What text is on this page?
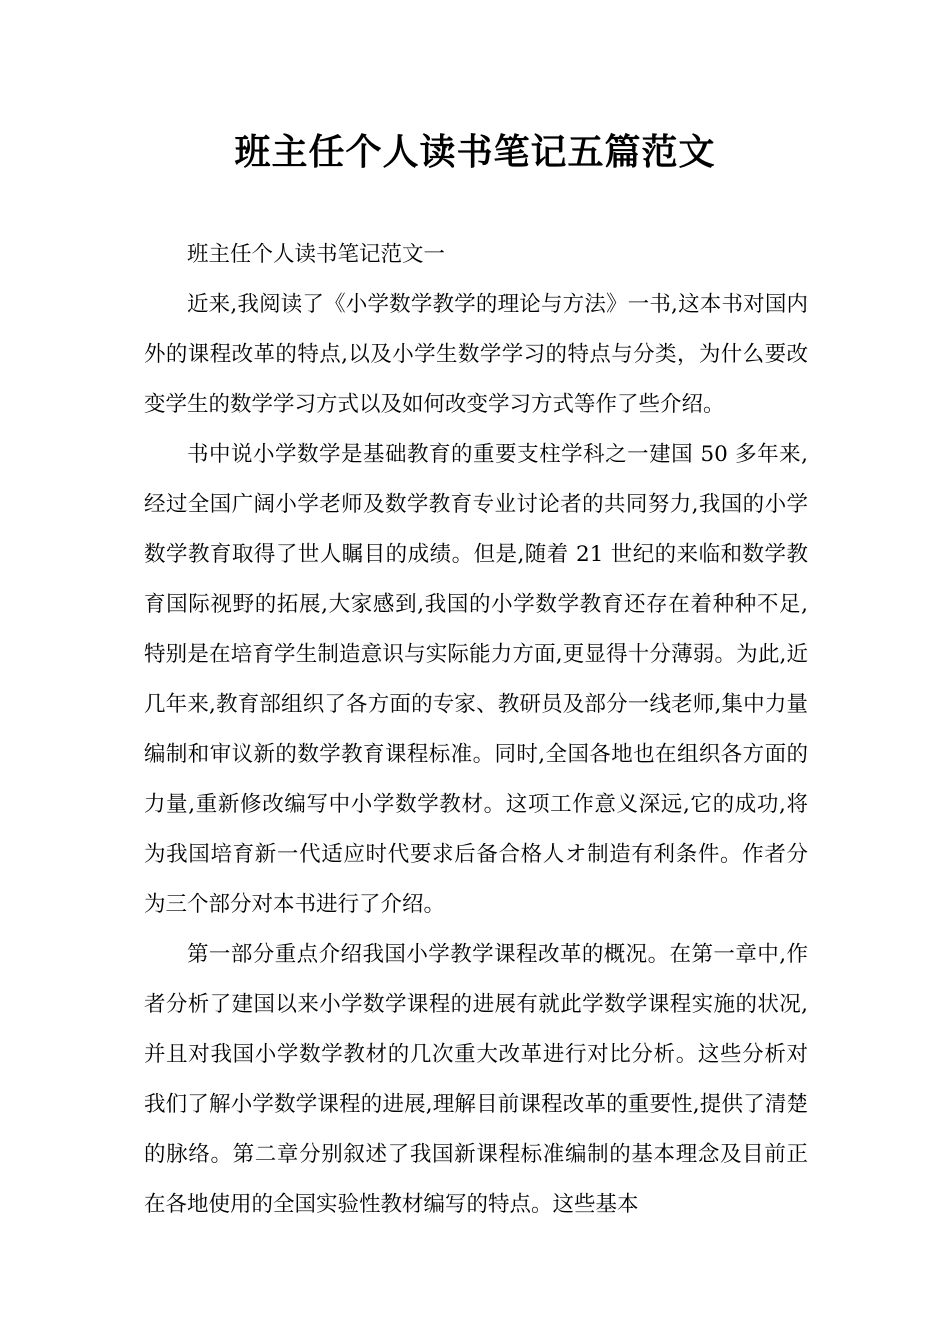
班主任个人读书笔记五篇范文

班主任个人读书笔记范文一

近来,我阅读了《小学数学教学的理论与方法》一书,这本书对国内外的课程改革的特点,以及小学生数学学习的特点与分类，为什么要改变学生的数学学习方式以及如何改变学习方式等作了些介绍。

书中说小学数学是基础教育的重要支柱学科之一建国 50 多年来,经过全国广阔小学老师及数学教育专业讨论者的共同努力,我国的小学数学教育取得了世人瞩目的成绩。但是,随着 21 世纪的来临和数学教育国际视野的拓展,大家感到,我国的小学数学教育还存在着种种不足,特别是在培育学生制造意识与实际能力方面,更显得十分薄弱。为此,近几年来,教育部组织了各方面的专家、教研员及部分一线老师,集中力量编制和审议新的数学教育课程标准。同时,全国各地也在组织各方面的力量,重新修改编写中小学数学教材。这项工作意义深远,它的成功,将为我国培育新一代适应时代要求后备合格人オ制造有利条件。作者分为三个部分对本书进行了介绍。

第一部分重点介绍我国小学教学课程改革的概况。在第一章中,作者分析了建国以来小学数学课程的进展有就此学数学课程实施的状况,并且对我国小学数学教材的几次重大改革进行对比分析。这些分析对我们了解小学数学课程的进展,理解目前课程改革的重要性,提供了清楚的脉络。第二章分别叙述了我国新课程标准编制的基本理念及目前正在各地使用的全国实验性教材编写的特点。这些基本
